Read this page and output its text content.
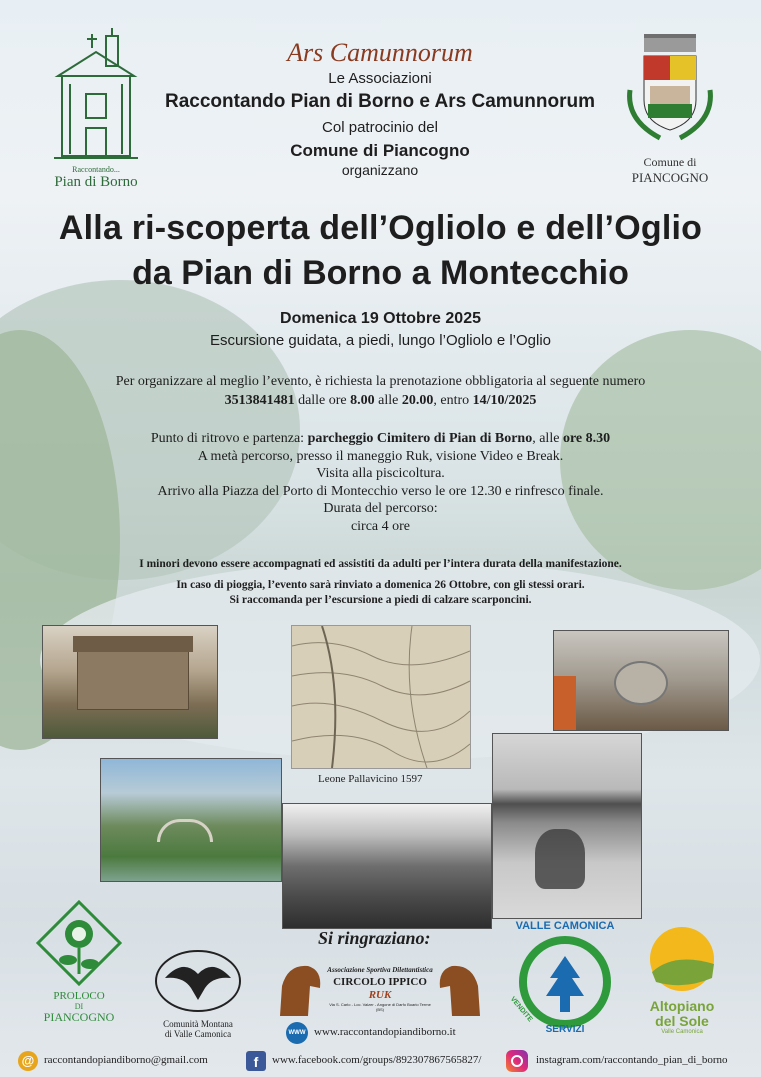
Raccontando...
Pian di Borno
Ars Camunnorum
Le Associazioni
Raccontando Pian di Borno e Ars Camunnorum
Col patrocinio del
Comune di Piancogno
organizzano	Comune di
PIANCOGNO
Alla ri-scoperta dell’Ogliolo e dell’Oglio
da Pian di Borno a Montecchio
Domenica 19 Ottobre 2025
Escursione guidata, a piedi, lungo l’Ogliolo e l’Oglio
Per organizzare al meglio l’evento, è richiesta la prenotazione obbligatoria al seguente numero
3513841481 dalle ore 8.00 alle 20.00, entro 14/10/2025
Punto di ritrovo e partenza: parcheggio Cimitero di Pian di Borno, alle ore 8.30
A metà percorso, presso il maneggio Ruk, visione Video e Break.
Visita alla piscicoltura.
Arrivo alla Piazza del Porto di Montecchio verso le ore 12.30 e rinfresco finale.
Durata del percorso:
circa 4 ore
I minori devono essere accompagnati ed assistiti da adulti per l’intera durata della manifestazione.
In caso di pioggia, l’evento sarà rinviato a domenica 26 Ottobre, con gli stessi orari.
Si raccomanda per l’escursione a piedi di calzare scarponcini.
Leone Pallavicino 1597
Si ringraziano:
PROLOCO
DI
PIANCOGNO	Comunità Montana
di Valle Camonica
Associazione Sportiva Dilettantistica
CIRCOLO IPPICO
RUK
Via S. Carlo - Loc. Valzer - Angone di Darfo Boario Terme (BS)
WWW www.raccontandopiandiborno.it
VALLE CAMONICA
VENDITE
SERVIZI
Altopiano
del Sole
Valle Camonica
@ raccontandopiandiborno@gmail.com	f	www.facebook.com/groups/892307867565827/	instagram.com/raccontando_pian_di_borno
